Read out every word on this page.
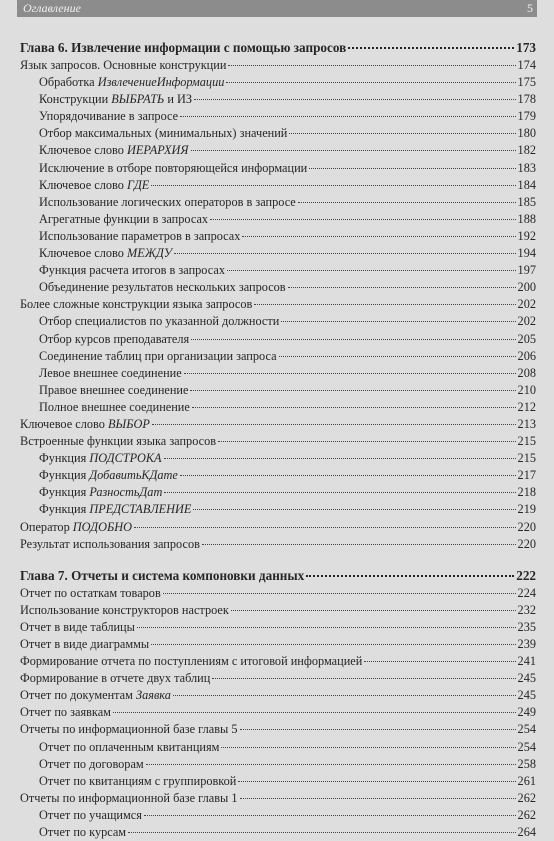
Оглавление	5
Глава 6. Извлечение информации с помощью запросов	173
Язык запросов. Основные конструкции	174
Обработка ИзвлечениеИнформации	175
Конструкции ВЫБРАТЬ и ИЗ	178
Упорядочивание в запросе	179
Отбор максимальных (минимальных) значений	180
Ключевое слово ИЕРАРХИЯ	182
Исключение в отборе повторяющейся информации	183
Ключевое слово ГДЕ	184
Использование логических операторов в запросе	185
Агрегатные функции в запросах	188
Использование параметров в запросах	192
Ключевое слово МЕЖДУ	194
Функция расчета итогов в запросах	197
Объединение результатов нескольких запросов	200
Более сложные конструкции языка запросов	202
Отбор специалистов по указанной должности	202
Отбор курсов преподавателя	205
Соединение таблиц при организации запроса	206
Левое внешнее соединение	208
Правое внешнее соединение	210
Полное внешнее соединение	212
Ключевое слово ВЫБОР	213
Встроенные функции языка запросов	215
Функция ПОДСТРОКА	215
Функция ДобавитьКДате	217
Функция РазностьДат	218
Функция ПРЕДСТАВЛЕНИЕ	219
Оператор ПОДОБНО	220
Результат использования запросов	220
Глава 7. Отчеты и система компоновки данных	222
Отчет по остаткам товаров	224
Использование конструкторов настроек	232
Отчет в виде таблицы	235
Отчет в виде диаграммы	239
Формирование отчета по поступлениям с итоговой информацией	241
Формирование в отчете двух таблиц	245
Отчет по документам Заявка	245
Отчет по заявкам	249
Отчеты по информационной базе главы 5	254
Отчет по оплаченным квитанциям	254
Отчет по договорам	258
Отчет по квитанциям с группировкой	261
Отчеты по информационной базе главы 1	262
Отчет по учащимся	262
Отчет по курсам	264
